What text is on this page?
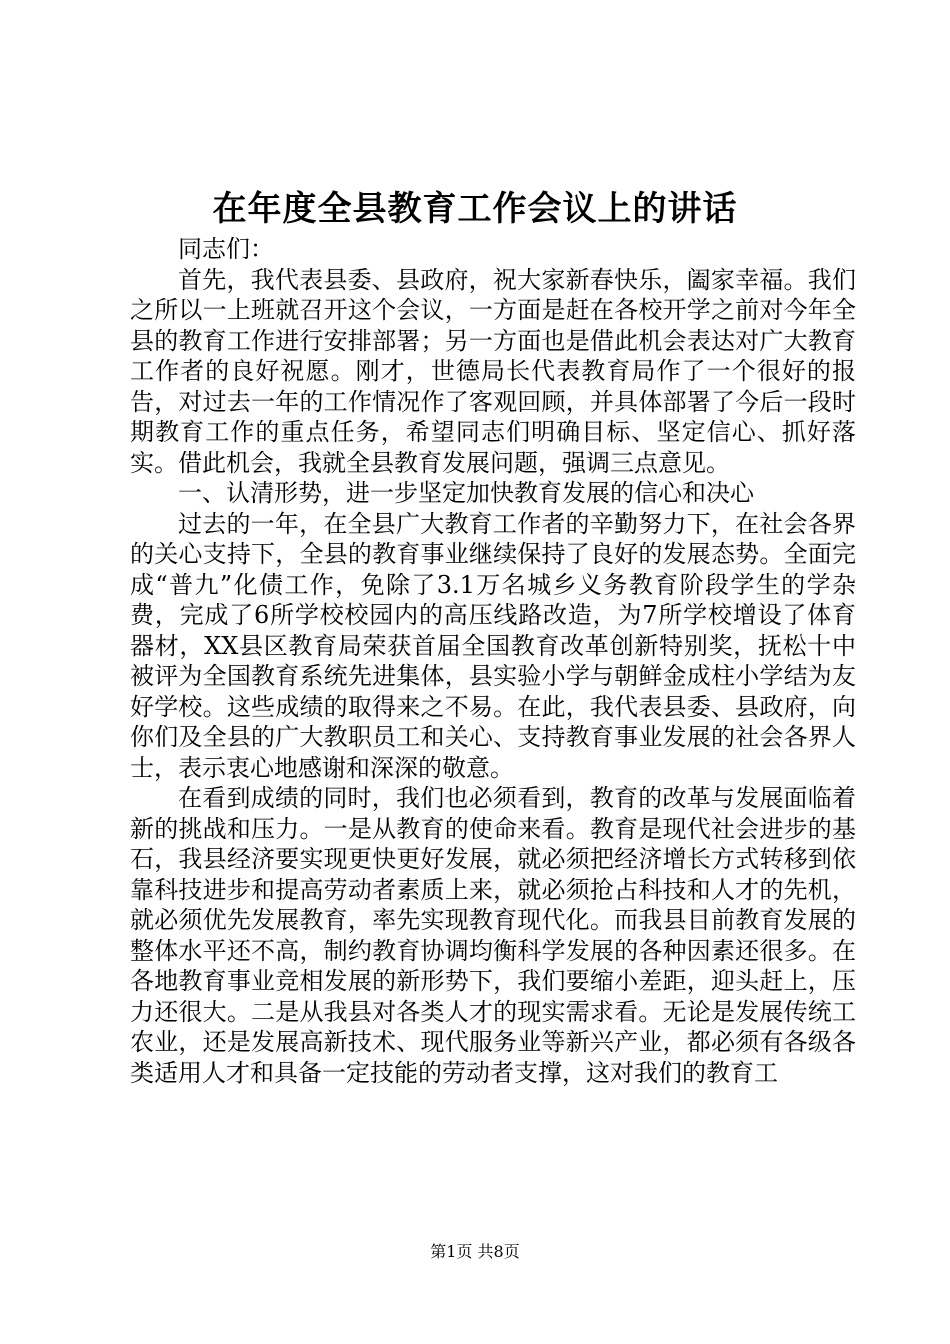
在年度全县教育工作会议上的讲话

同志们：

首先，我代表县委、县政府，祝大家新春快乐，阖家幸福。我们之所以一上班就召开这个会议，一方面是赶在各校开学之前对今年全县的教育工作进行安排部署；另一方面也是借此机会表达对广大教育工作者的良好祝愿。刚才，世德局长代表教育局作了一个很好的报告，对过去一年的工作情况作了客观回顾，并具体部署了今后一段时期教育工作的重点任务，希望同志们明确目标、坚定信心、抓好落实。借此机会，我就全县教育发展问题，强调三点意见。

一、认清形势，进一步坚定加快教育发展的信心和决心

过去的一年，在全县广大教育工作者的辛勤努力下，在社会各界的关心支持下，全县的教育事业继续保持了良好的发展态势。全面完成“普九”化债工作，免除了3.1万名城乡义务教育阶段学生的学杂费，完成了6所学校校园内的高压线路改造，为7所学校增设了体育器材，XX县区教育局荣获首届全国教育改革创新特别奖，抚松十中被评为全国教育系统先进集体，县实验小学与朝鲜金成柱小学结为友好学校。这些成绩的取得来之不易。在此，我代表县委、县政府，向你们及全县的广大教职员工和关心、支持教育事业发展的社会各界人士，表示衷心地感谢和深深的敬意。

在看到成绩的同时，我们也必须看到，教育的改革与发展面临着新的挑战和压力。一是从教育的使命来看。教育是现代社会进步的基石，我县经济要实现更快更好发展，就必须把经济增长方式转移到依靠科技进步和提高劳动者素质上来，就必须抢占科技和人才的先机，就必须优先发展教育，率先实现教育现代化。而我县目前教育发展的整体水平还不高，制约教育协调均衡科学发展的各种因素还很多。在各地教育事业竞相发展的新形势下，我们要缩小差距，迎头赶上，压力还很大。二是从我县对各类人才的现实需求看。无论是发展传统工农业，还是发展高新技术、现代服务业等新兴产业，都必须有各级各类适用人才和具备一定技能的劳动者支撑，这对我们的教育工

第1页 共8页
